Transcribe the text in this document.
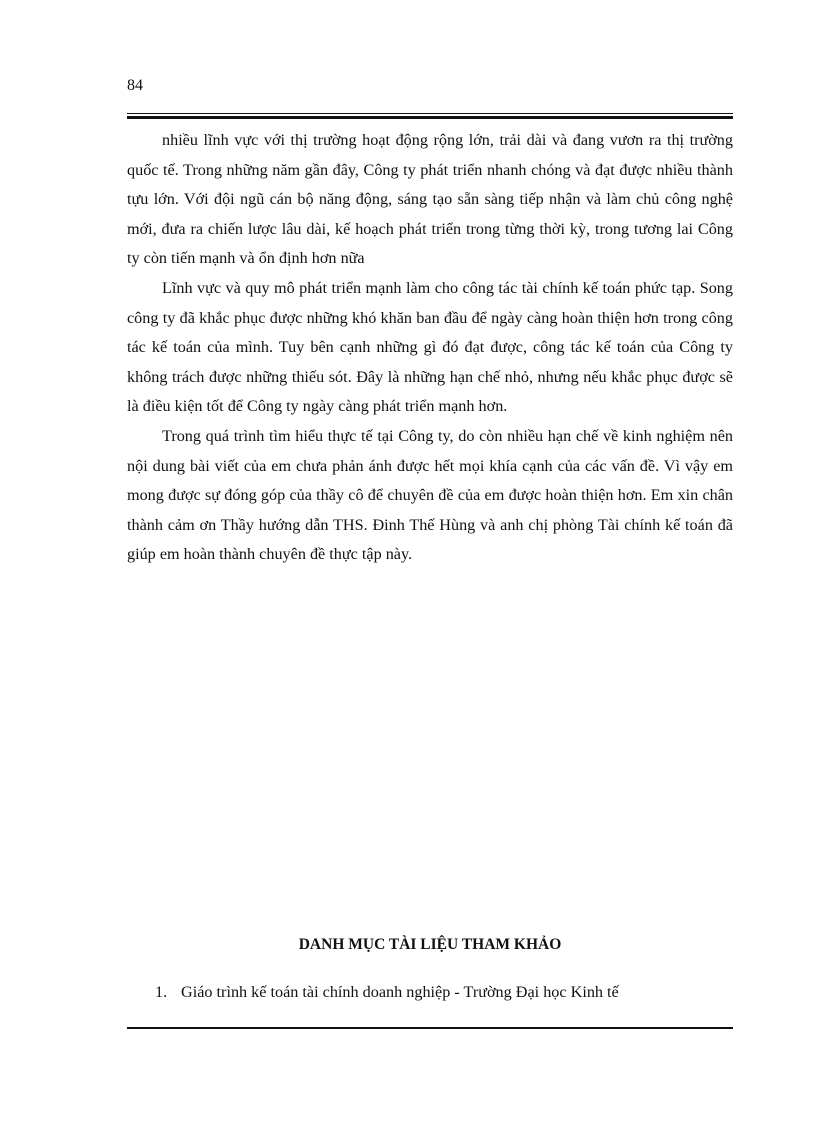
84

nhiều lĩnh vực với thị trường hoạt động rộng lớn, trải dài và đang vươn ra thị trường quốc tế. Trong những năm gần đây, Công ty phát triển nhanh chóng và đạt được nhiều thành tựu lớn. Với đội ngũ cán bộ năng động, sáng tạo sẵn sàng tiếp nhận và làm chủ công nghệ mới, đưa ra chiến lược lâu dài, kế hoạch phát triển trong từng thời kỳ, trong tương lai Công ty còn tiến mạnh và ổn định hơn nữa

Lĩnh vực và quy mô phát triển mạnh làm cho công tác tài chính kế toán phức tạp. Song công ty đã khắc phục được những khó khăn ban đầu để ngày càng hoàn thiện hơn trong công tác kế toán của mình. Tuy bên cạnh những gì đó đạt được, công tác kế toán của Công ty không trách được những thiếu sót. Đây là những hạn chế nhỏ, nhưng nếu khắc phục được sẽ là điều kiện tốt để Công ty ngày càng phát triển mạnh hơn.

Trong quá trình tìm hiểu thực tế tại Công ty, do còn nhiều hạn chế về kinh nghiệm nên nội dung bài viết của em chưa phản ánh được hết mọi khía cạnh của các vấn đề. Vì vậy em mong được sự đóng góp của thầy cô để chuyên đề của em được hoàn thiện hơn. Em xin chân thành cảm ơn Thầy hướng dẫn THS. Đinh Thế Hùng và anh chị phòng Tài chính kế toán đã giúp em hoàn thành chuyên đề thực tập này.

DANH MỤC TÀI LIỆU THAM KHẢO
1. Giáo trình kế toán tài chính doanh nghiệp - Trường Đại học Kinh tế
